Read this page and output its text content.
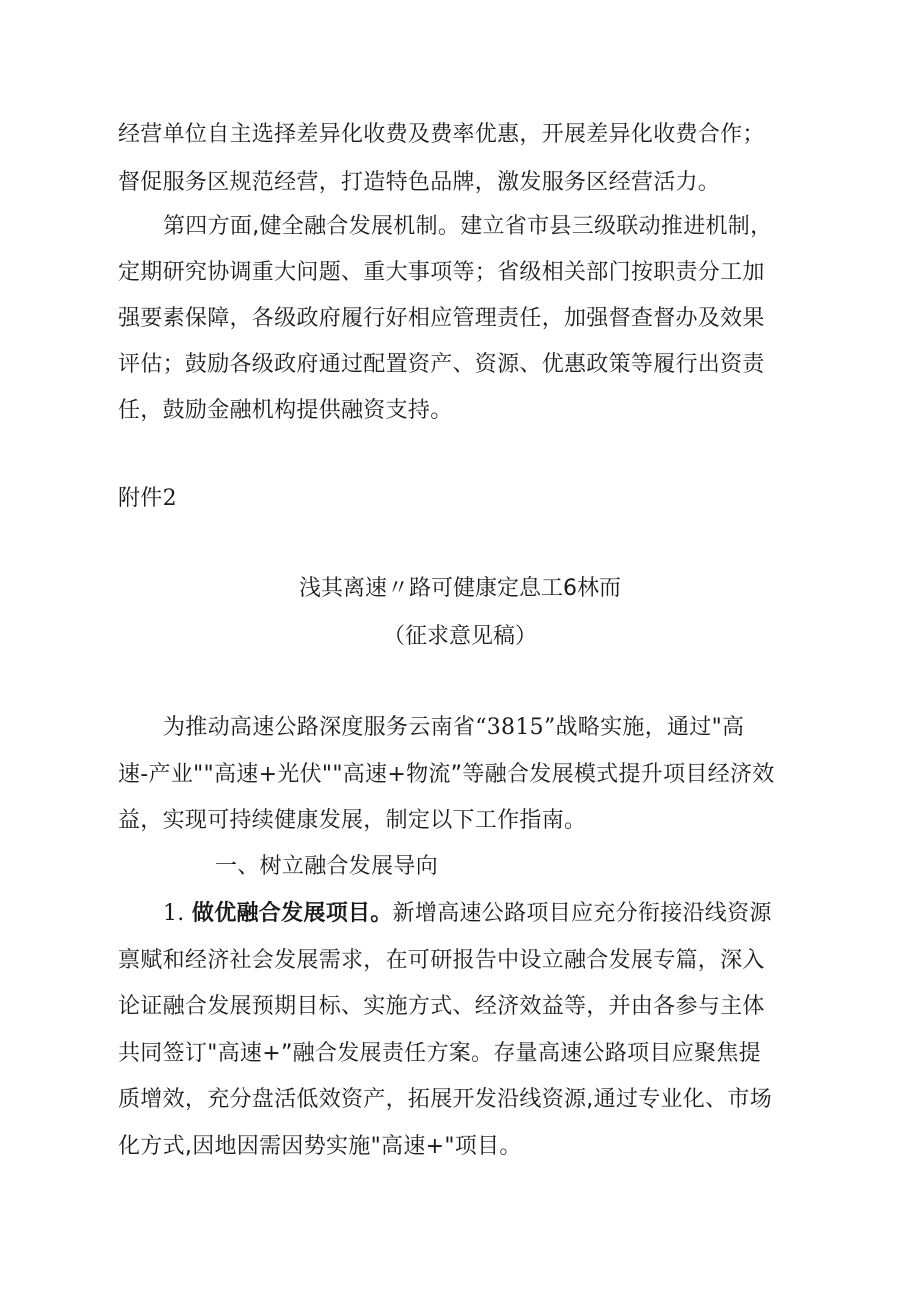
经营单位自主选择差异化收费及费率优惠，开展差异化收费合作；
督促服务区规范经营，打造特色品牌，激发服务区经营活力。
第四方面,健全融合发展机制。建立省市县三级联动推进机制，
定期研究协调重大问题、重大事项等；省级相关部门按职责分工加
强要素保障，各级政府履行好相应管理责任，加强督查督办及效果
评估；鼓励各级政府通过配置资产、资源、优惠政策等履行出资责
任，鼓励金融机构提供融资支持。
附件2
浅其离速〃路可健康定息工6林而
（征求意见稿）
为推动高速公路深度服务云南省“3815”战略实施，通过"高
速-产业""高速+光伏""高速+物流”等融合发展模式提升项目经济效
益，实现可持续健康发展，制定以下工作指南。
一、树立融合发展导向
1. 做优融合发展项目。新增高速公路项目应充分衔接沿线资源
禀赋和经济社会发展需求，在可研报告中设立融合发展专篇，深入
论证融合发展预期目标、实施方式、经济效益等，并由各参与主体
共同签订"高速+”融合发展责任方案。存量高速公路项目应聚焦提
质增效，充分盘活低效资产，拓展开发沿线资源,通过专业化、市场
化方式,因地因需因势实施"高速+"项目。
